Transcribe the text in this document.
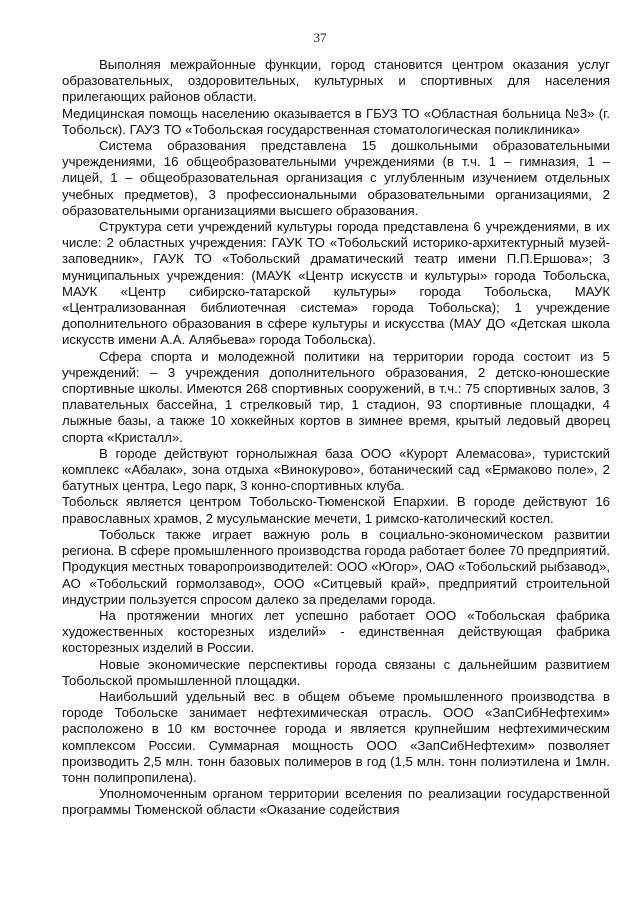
37

Выполняя межрайонные функции, город становится центром оказания услуг образовательных, оздоровительных, культурных и спортивных для населения прилегающих районов области.

Медицинская помощь населению оказывается в ГБУЗ ТО «Областная больница №3» (г. Тобольск). ГАУЗ ТО «Тобольская государственная стоматологическая поликлиника»

Система образования представлена 15 дошкольными образовательными учреждениями, 16 общеобразовательными учреждениями (в т.ч. 1 – гимназия, 1 – лицей, 1 – общеобразовательная организация с углубленным изучением отдельных учебных предметов), 3 профессиональными образовательными организациями, 2 образовательными организациями высшего образования.

Структура сети учреждений культуры города представлена 6 учреждениями, в их числе: 2 областных учреждения: ГАУК ТО «Тобольский историко-архитектурный музей-заповедник», ГАУК ТО «Тобольский драматический театр имени П.П.Ершова»; 3 муниципальных учреждения: (МАУК «Центр искусств и культуры» города Тобольска, МАУК «Центр сибирско-татарской культуры» города Тобольска, МАУК «Централизованная библиотечная система» города Тобольска); 1 учреждение дополнительного образования в сфере культуры и искусства (МАУ ДО «Детская школа искусств имени А.А. Алябьева» города Тобольска).

Сфера спорта и молодежной политики на территории города состоит из 5 учреждений: – 3 учреждения дополнительного образования, 2 детско-юношеские спортивные школы. Имеются 268 спортивных сооружений, в т.ч.: 75 спортивных залов, 3 плавательных бассейна, 1 стрелковый тир, 1 стадион, 93 спортивные площадки, 4 лыжные базы, а также 10 хоккейных кортов в зимнее время, крытый ледовый дворец спорта «Кристалл».

В городе действуют горнолыжная база ООО «Курорт Алемасова», туристский комплекс «Абалак», зона отдыха «Винокурово», ботанический сад «Ермаково поле», 2 батутных центра, Lego парк, 3 конно-спортивных клуба.

Тобольск является центром Тобольско-Тюменской Епархии. В городе действуют 16 православных храмов, 2 мусульманские мечети, 1 римско-католический костел.

Тобольск также играет важную роль в социально-экономическом развитии региона. В сфере промышленного производства города работает более 70 предприятий. Продукция местных товаропроизводителей: ООО «Югор», ОАО «Тобольский рыбзавод», АО «Тобольский гормолзавод», ООО «Ситцевый край», предприятий строительной индустрии пользуется спросом далеко за пределами города.

На протяжении многих лет успешно работает ООО «Тобольская фабрика художественных косторезных изделий» - единственная действующая фабрика косторезных изделий в России.

Новые экономические перспективы города связаны с дальнейшим развитием Тобольской промышленной площадки.

Наибольший удельный вес в общем объеме промышленного производства в городе Тобольске занимает нефтехимическая отрасль. ООО «ЗапСибНефтехим» расположено в 10 км восточнее города и является крупнейшим нефтехимическим комплексом России. Суммарная мощность ООО «ЗапСибНефтехим» позволяет производить 2,5 млн. тонн базовых полимеров в год (1,5 млн. тонн полиэтилена и 1млн. тонн полипропилена).

Уполномоченным органом территории вселения по реализации государственной программы Тюменской области «Оказание содействия
